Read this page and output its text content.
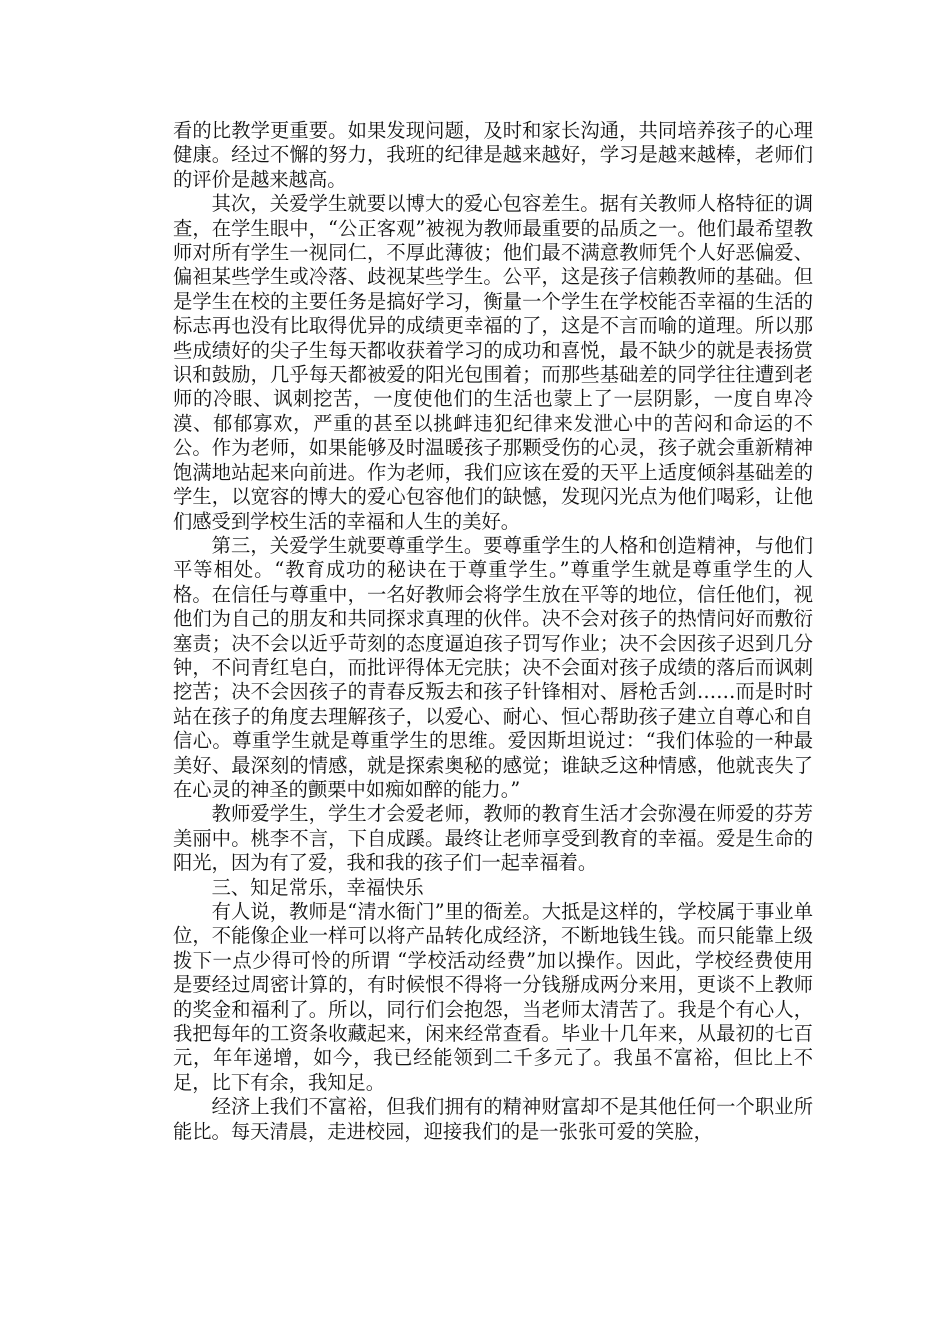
看的比教学更重要。如果发现问题，及时和家长沟通，共同培养孩子的心理健康。经过不懈的努力，我班的纪律是越来越好，学习是越来越棒，老师们的评价是越来越高。

其次，关爱学生就要以博大的爱心包容差生。据有关教师人格特征的调查，在学生眼中，“公正客观”被视为教师最重要的品质之一。他们最希望教师对所有学生一视同仁，不厚此薄彼；他们最不满意教师凭个人好恶偏爱、偏袒某些学生或冷落、歧视某些学生。公平，这是孩子信赖教师的基础。但是学生在校的主要任务是搞好学习，衡量一个学生在学校能否幸福的生活的标志再也没有比取得优异的成绩更幸福的了，这是不言而喻的道理。所以那些成绩好的尖子生每天都收获着学习的成功和喜悦，最不缺少的就是表扬赏识和鼓励，几乎每天都被爱的阳光包围着；而那些基础差的同学往往遭到老师的冷眼、讽刺挖苦，一度使他们的生活也蒙上了一层阴影，一度自卑冷漠、郁郁寡欢，严重的甚至以挑衅违犯纪律来发泄心中的苦闷和命运的不公。作为老师，如果能够及时温暖孩子那颗受伤的心灵，孩子就会重新精神饱满地站起来向前进。作为老师，我们应该在爱的天平上适度倾斜基础差的学生，以宽容的博大的爱心包容他们的缺憾，发现闪光点为他们喝彩，让他们感受到学校生活的幸福和人生的美好。

第三，关爱学生就要尊重学生。要尊重学生的人格和创造精神，与他们平等相处。“教育成功的秘诀在于尊重学生。”尊重学生就是尊重学生的人格。在信任与尊重中，一名好教师会将学生放在平等的地位，信任他们，视他们为自己的朋友和共同探求真理的伙伴。决不会对孩子的热情问好而敷衍塞责；决不会以近乎苛刻的态度逼迫孩子罚写作业；决不会因孩子迟到几分钟，不问青红皂白，而批评得体无完肤；决不会面对孩子成绩的落后而讽刺挖苦；决不会因孩子的青春反叛去和孩子针锋相对、唇枪舌剑……而是时时站在孩子的角度去理解孩子，以爱心、耐心、恒心帮助孩子建立自尊心和自信心。尊重学生就是尊重学生的思维。爱因斯坦说过：“我们体验的一种最美好、最深刻的情感，就是探索奥秘的感觉；谁缺乏这种情感，他就丧失了在心灵的神圣的颤栗中如痴如醉的能力。”

教师爱学生，学生才会爱老师，教师的教育生活才会弥漫在师爱的芬芳美丽中。桃李不言，下自成蹊。最终让老师享受到教育的幸福。爱是生命的阳光，因为有了爱，我和我的孩子们一起幸福着。

三、知足常乐，幸福快乐

有人说，教师是“清水衙门”里的衙差。大抵是这样的，学校属于事业单位，不能像企业一样可以将产品转化成经济，不断地钱生钱。而只能靠上级拨下一点少得可怜的所谓 “学校活动经费”加以操作。因此，学校经费使用是要经过周密计算的，有时候恨不得将一分钱掰成两分来用，更谈不上教师的奖金和福利了。所以，同行们会抱怨，当老师太清苦了。我是个有心人，我把每年的工资条收藏起来，闲来经常查看。毕业十几年来，从最初的七百元，年年递增，如今，我已经能领到二千多元了。我虽不富裕，但比上不足，比下有余，我知足。

经济上我们不富裕，但我们拥有的精神财富却不是其他任何一个职业所能比。每天清晨，走进校园，迎接我们的是一张张可爱的笑脸，
